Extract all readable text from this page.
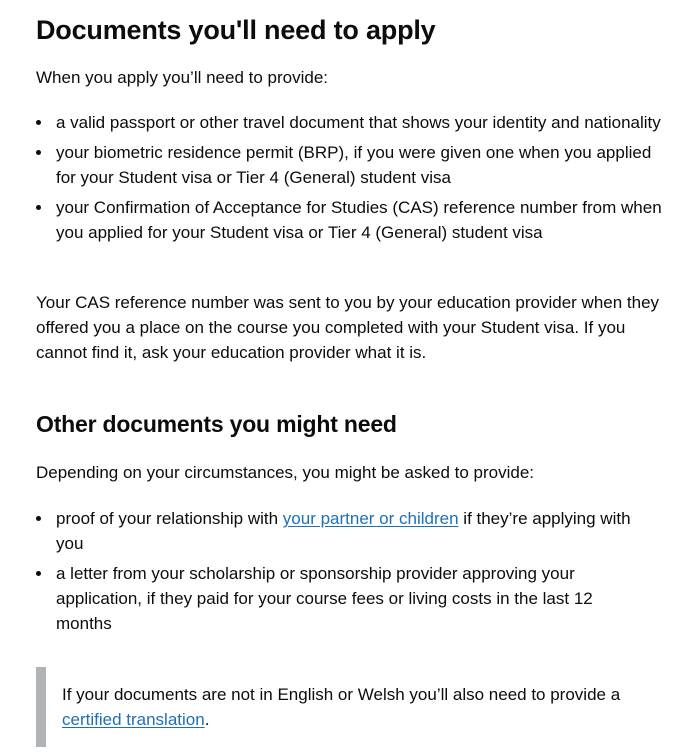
Documents you'll need to apply

When you apply you’ll need to provide:

a valid passport or other travel document that shows your identity and nationality
your biometric residence permit (BRP), if you were given one when you applied for your Student visa or Tier 4 (General) student visa
your Confirmation of Acceptance for Studies (CAS) reference number from when you applied for your Student visa or Tier 4 (General) student visa

Your CAS reference number was sent to you by your education provider when they offered you a place on the course you completed with your Student visa. If you cannot find it, ask your education provider what it is.

Other documents you might need

Depending on your circumstances, you might be asked to provide:

proof of your relationship with your partner or children if they’re applying with you
a letter from your scholarship or sponsorship provider approving your application, if they paid for your course fees or living costs in the last 12 months

If your documents are not in English or Welsh you’ll also need to provide a certified translation.
